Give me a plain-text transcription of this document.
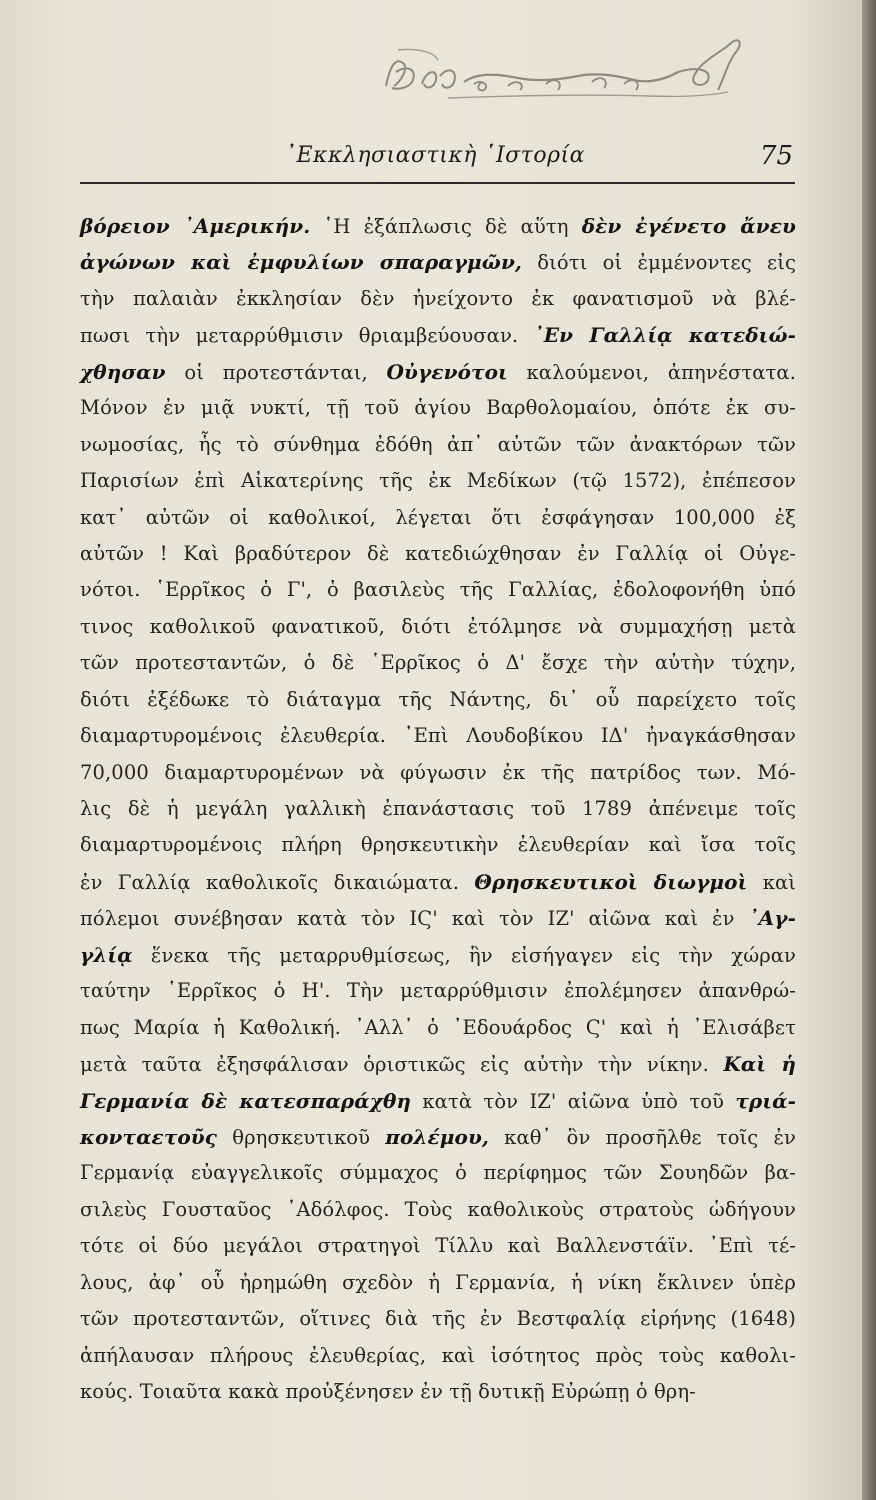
᾿Εκκλησιαστικὴ ῾Ιστορία	75
βόρειον ᾿Αμερικήν. ῾Η ἐξάπλωσις δὲ αὕτη δὲν ἐγένετο ἄνευ
ἀγώνων καὶ ἐμφυλίων σπαραγμῶν, διότι οἱ ἐμμένοντες εἰς
τὴν παλαιὰν ἐκκλησίαν δὲν ἠνείχοντο ἐκ φανατισμοῦ νὰ βλέ-
πωσι τὴν μεταρρύθμισιν θριαμβεύουσαν. ᾿Εν Γαλλίᾳ κατεδιώ-
χθησαν οἱ προτεστάνται, Οὐγενότοι καλούμενοι, ἀπηνέστατα.
Μόνον ἐν μιᾷ νυκτί, τῇ τοῦ ἁγίου Βαρθολομαίου, ὁπότε ἐκ συ-
νωμοσίας, ἧς τὸ σύνθημα ἐδόθη ἀπ᾿ αὐτῶν τῶν ἀνακτόρων τῶν
Παρισίων ἐπὶ Αἰκατερίνης τῆς ἐκ Μεδίκων (τῷ 1572), ἐπέπεσον
κατ᾿ αὐτῶν οἱ καθολικοί, λέγεται ὅτι ἐσφάγησαν 100,000 ἐξ
αὐτῶν ! Καὶ βραδύτερον δὲ κατεδιώχθησαν ἐν Γαλλίᾳ οἱ Οὐγε-
νότοι. ῾Ερρῖκος ὁ Γ', ὁ βασιλεὺς τῆς Γαλλίας, ἐδολοφονήθη ὑπό
τινος καθολικοῦ φανατικοῦ, διότι ἐτόλμησε νὰ συμμαχήσῃ μετὰ
τῶν προτεσταντῶν, ὁ δὲ ῾Ερρῖκος ὁ Δ' ἔσχε τὴν αὐτὴν τύχην,
διότι ἐξέδωκε τὸ διάταγμα τῆς Νάντης, δι᾿ οὗ παρείχετο τοῖς
διαμαρτυρομένοις ἐλευθερία. ᾿Επὶ Λουδοβίκου ΙΔ' ἠναγκάσθησαν
70,000 διαμαρτυρομένων νὰ φύγωσιν ἐκ τῆς πατρίδος των. Μό-
λις δὲ ἡ μεγάλη γαλλικὴ ἐπανάστασις τοῦ 1789 ἀπένειμε τοῖς
διαμαρτυρομένοις πλήρη θρησκευτικὴν ἐλευθερίαν καὶ ἴσα τοῖς
ἐν Γαλλίᾳ καθολικοῖς δικαιώματα. Θρησκευτικοὶ διωγμοὶ καὶ
πόλεμοι συνέβησαν κατὰ τὸν ΙϚ' καὶ τὸν ΙΖ' αἰῶνα καὶ ἐν ᾿Αγ-
γλίᾳ ἕνεκα τῆς μεταρρυθμίσεως, ἣν εἰσήγαγεν εἰς τὴν χώραν
ταύτην ῾Ερρῖκος ὁ Η'. Τὴν μεταρρύθμισιν ἐπολέμησεν ἀπανθρώ-
πως Μαρία ἡ Καθολική. ᾿Αλλ᾿ ὁ ᾿Εδουάρδος Ϛ' καὶ ἡ ᾿Ελισάβετ
μετὰ ταῦτα ἐξησφάλισαν ὁριστικῶς εἰς αὐτὴν τὴν νίκην. Καὶ ἡ
Γερμανία δὲ κατεσπαράχθη κατὰ τὸν ΙΖ' αἰῶνα ὑπὸ τοῦ τριά-
κονταετοῦς θρησκευτικοῦ πολέμου, καθ᾿ ὃν προσῆλθε τοῖς ἐν
Γερμανίᾳ εὐαγγελικοῖς σύμμαχος ὁ περίφημος τῶν Σουηδῶν βα-
σιλεὺς Γουσταῦος ᾿Αδόλφος. Τοὺς καθολικοὺς στρατοὺς ὡδήγουν
τότε οἱ δύο μεγάλοι στρατηγοὶ Τίλλυ καὶ Βαλλενστάϊν. ᾿Επὶ τέ-
λους, ἀφ᾿ οὗ ἠρημώθη σχεδὸν ἡ Γερμανία, ἡ νίκη ἔκλινεν ὑπὲρ
τῶν προτεσταντῶν, οἵτινες διὰ τῆς ἐν Βεστφαλίᾳ εἰρήνης (1648)
ἀπήλαυσαν πλήρους ἐλευθερίας, καὶ ἰσότητος πρὸς τοὺς καθολι-
κούς. Τοιαῦτα κακὰ προὐξένησεν ἐν τῇ δυτικῇ Εὐρώπῃ ὁ θρη-
